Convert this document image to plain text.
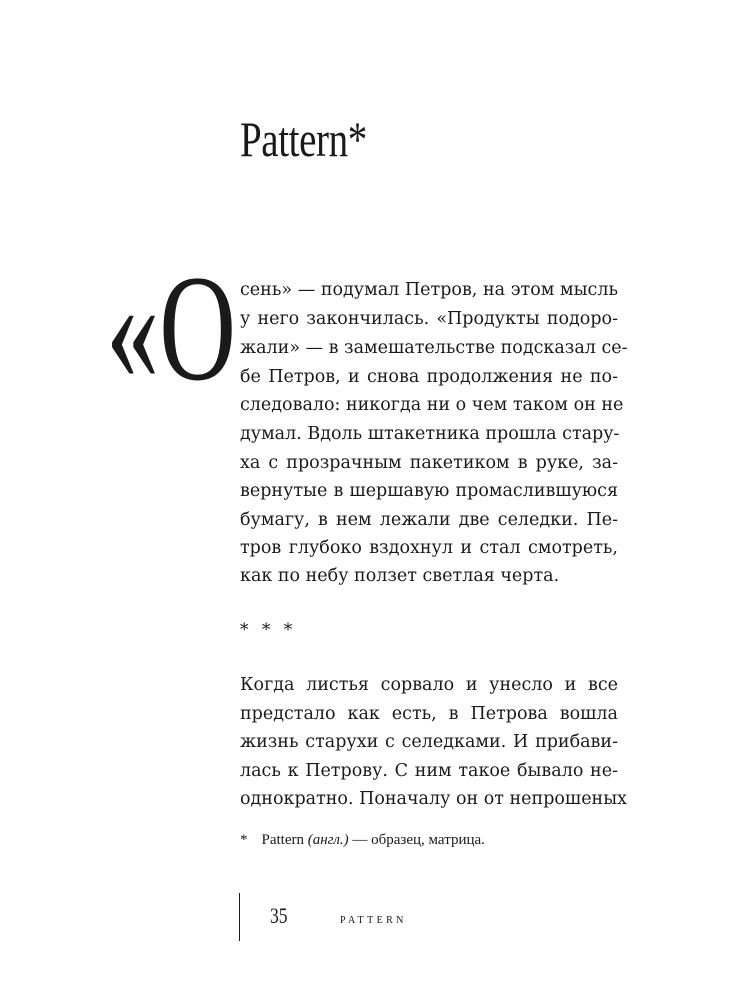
Pattern*
«О сень» — подумал Петров, на этом мысль
у него закончилась. «Продукты подоро-
жали» — в замешательстве подсказал се-
бе Петров, и снова продолжения не по-
следовало: никогда ни о чем таком он не
думал. Вдоль штакетника прошла стару-
ха с прозрачным пакетиком в руке, за-
вернутые в шершавую промаслившуюся
бумагу, в нем лежали две селедки. Пе-
тров глубоко вздохнул и стал смотреть,
как по небу ползет светлая черта.
* * *
Когда листья сорвало и унесло и все
предстало как есть, в Петрова вошла
жизнь старухи с селедками. И прибави-
лась к Петрову. С ним такое бывало не-
однократно. Поначалу он от непрошеных
* Pattern (англ.) — образец, матрица.
35	PATTERN
